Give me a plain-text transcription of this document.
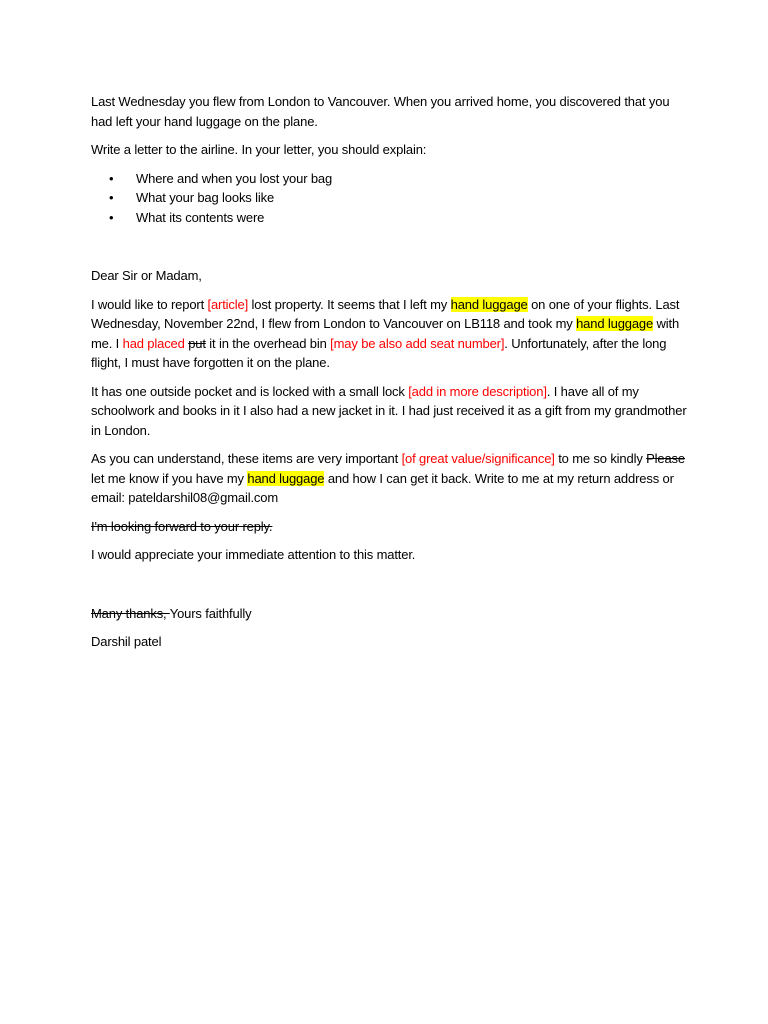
Last Wednesday you flew from London to Vancouver. When you arrived home, you discovered that you had left your hand luggage on the plane.

Write a letter to the airline. In your letter, you should explain:

• Where and when you lost your bag
• What your bag looks like
• What its contents were

Dear Sir or Madam,

I would like to report [article] lost property. It seems that I left my hand luggage on one of your flights. Last Wednesday, November 22nd, I flew from London to Vancouver on LB118 and took my hand luggage with me. I had placed put it in the overhead bin [may be also add seat number]. Unfortunately, after the long flight, I must have forgotten it on the plane.

It has one outside pocket and is locked with a small lock [add in more description]. I have all of my schoolwork and books in it I also had a new jacket in it. I had just received it as a gift from my grandmother in London.

As you can understand, these items are very important [of great value/significance] to me so kindly Please let me know if you have my hand luggage and how I can get it back. Write to me at my return address or email: pateldarshil08@gmail.com

I'm looking forward to your reply.

I would appreciate your immediate attention to this matter.

Many thanks, Yours faithfully

Darshil patel
